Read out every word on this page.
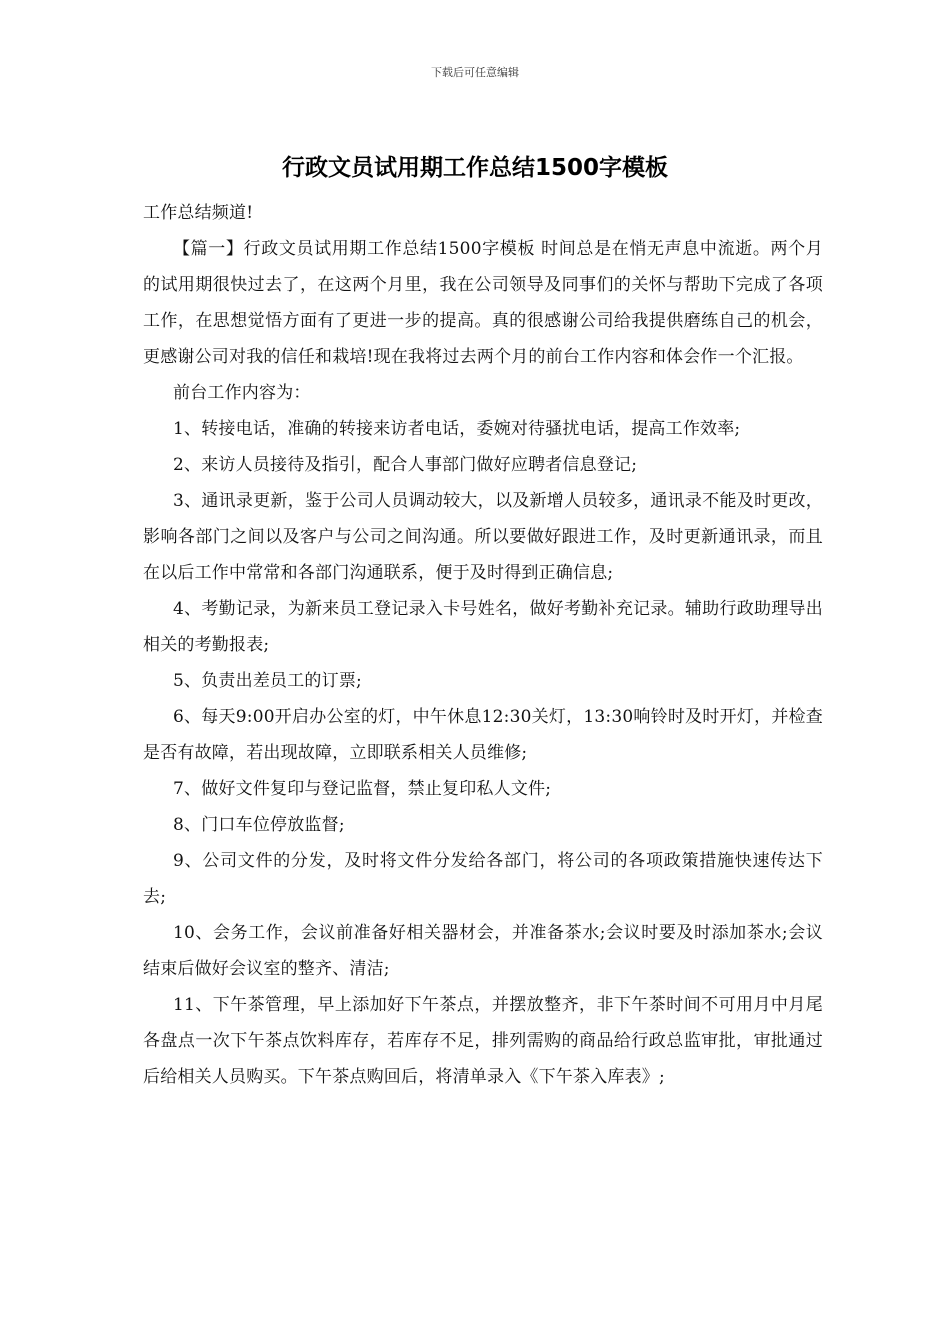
下载后可任意编辑
行政文员试用期工作总结1500字模板

工作总结频道!

【篇一】行政文员试用期工作总结1500字模板 时间总是在悄无声息中流逝。两个月的试用期很快过去了，在这两个月里，我在公司领导及同事们的关怀与帮助下完成了各项工作，在思想觉悟方面有了更进一步的提高。真的很感谢公司给我提供磨练自己的机会，更感谢公司对我的信任和栽培!现在我将过去两个月的前台工作内容和体会作一个汇报。

前台工作内容为：

1、转接电话，准确的转接来访者电话，委婉对待骚扰电话，提高工作效率;

2、来访人员接待及指引，配合人事部门做好应聘者信息登记;

3、通讯录更新，鉴于公司人员调动较大，以及新增人员较多，通讯录不能及时更改，影响各部门之间以及客户与公司之间沟通。所以要做好跟进工作，及时更新通讯录，而且在以后工作中常常和各部门沟通联系，便于及时得到正确信息;

4、考勤记录，为新来员工登记录入卡号姓名，做好考勤补充记录。辅助行政助理导出相关的考勤报表;

5、负责出差员工的订票;

6、每天9:00开启办公室的灯，中午休息12:30关灯，13:30响铃时及时开灯，并检查是否有故障，若出现故障，立即联系相关人员维修;

7、做好文件复印与登记监督，禁止复印私人文件;

8、门口车位停放监督;

9、公司文件的分发，及时将文件分发给各部门，将公司的各项政策措施快速传达下去;

10、会务工作，会议前准备好相关器材会，并准备茶水;会议时要及时添加茶水;会议结束后做好会议室的整齐、清洁;

11、下午茶管理，早上添加好下午茶点，并摆放整齐，非下午茶时间不可用月中月尾各盘点一次下午茶点饮料库存，若库存不足，排列需购的商品给行政总监审批，审批通过后给相关人员购买。下午茶点购回后，将清单录入《下午茶入库表》;
